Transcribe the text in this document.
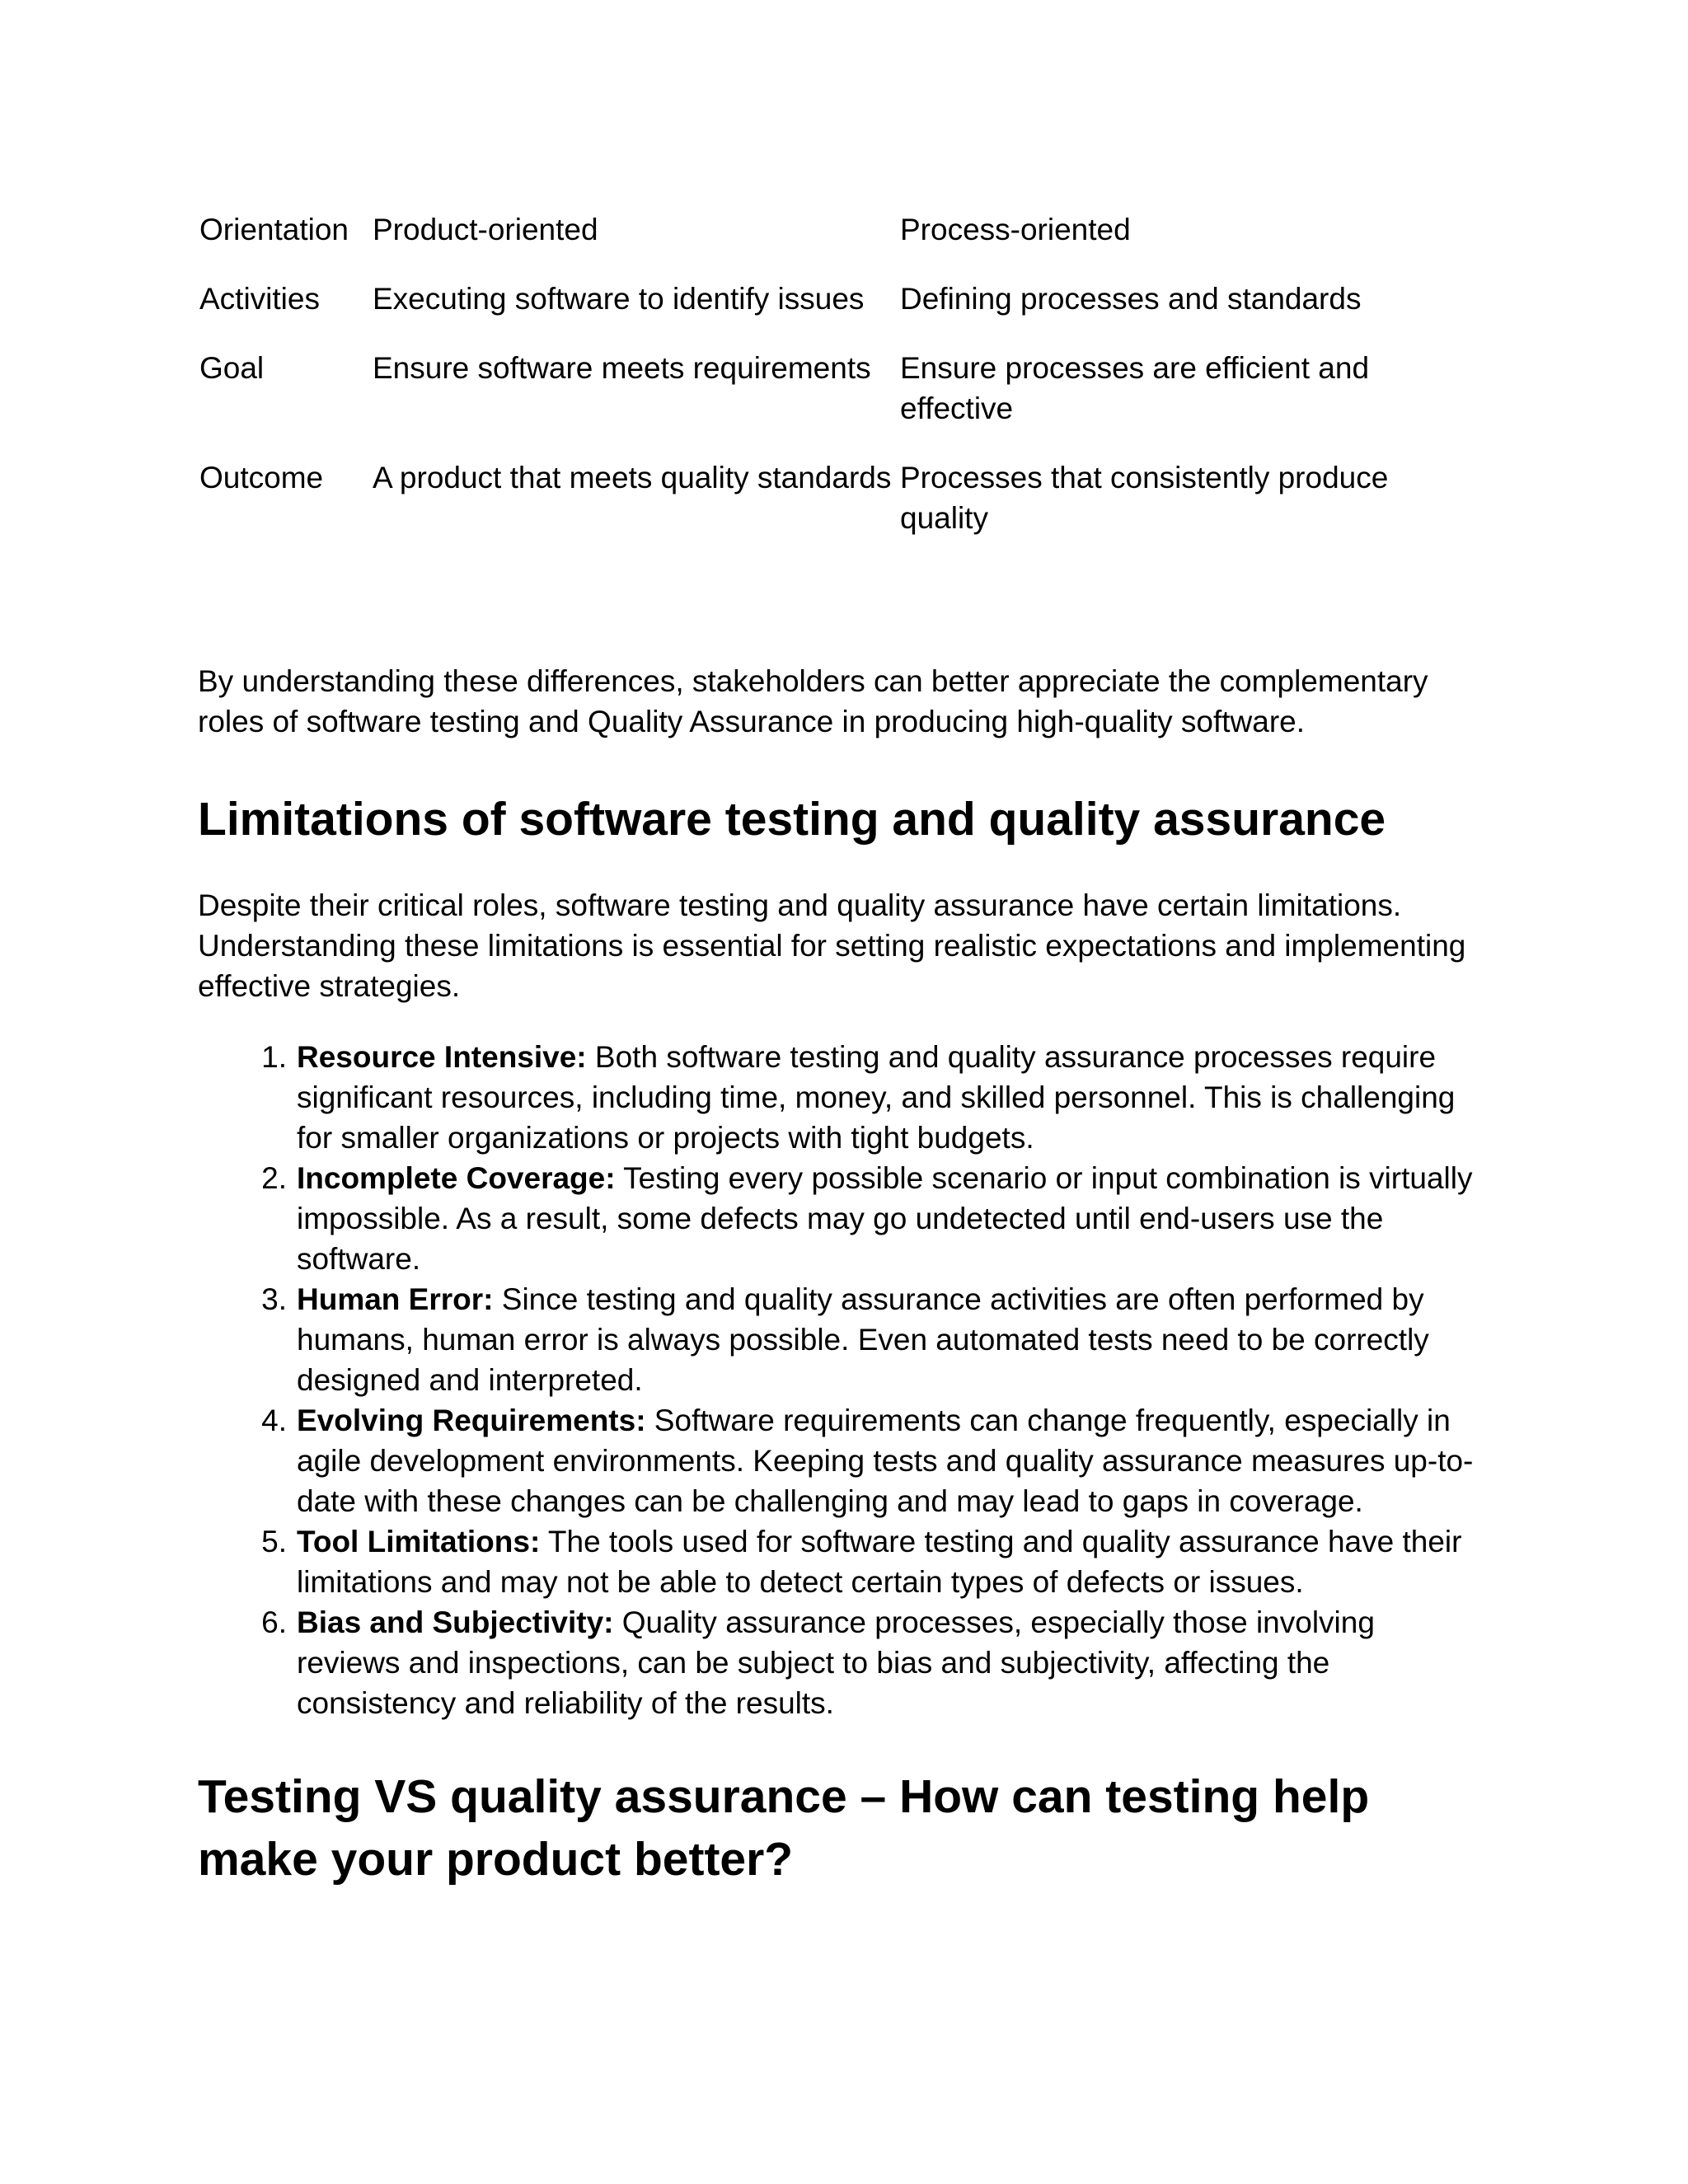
Orientation	Product-oriented	Process-oriented

Activities	Executing software to identify issues	Defining processes and standards

Goal	Ensure software meets requirements	Ensure processes are efficient and effective

Outcome	A product that meets quality standards	Processes that consistently produce quality

By understanding these differences, stakeholders can better appreciate the complementary roles of software testing and Quality Assurance in producing high-quality software.

Limitations of software testing and quality assurance

Despite their critical roles, software testing and quality assurance have certain limitations. Understanding these limitations is essential for setting realistic expectations and implementing effective strategies.

1. Resource Intensive: Both software testing and quality assurance processes require significant resources, including time, money, and skilled personnel. This is challenging for smaller organizations or projects with tight budgets.
2. Incomplete Coverage: Testing every possible scenario or input combination is virtually impossible. As a result, some defects may go undetected until end-users use the software.
3. Human Error: Since testing and quality assurance activities are often performed by humans, human error is always possible. Even automated tests need to be correctly designed and interpreted.
4. Evolving Requirements: Software requirements can change frequently, especially in agile development environments. Keeping tests and quality assurance measures up-to-date with these changes can be challenging and may lead to gaps in coverage.
5. Tool Limitations: The tools used for software testing and quality assurance have their limitations and may not be able to detect certain types of defects or issues.
6. Bias and Subjectivity: Quality assurance processes, especially those involving reviews and inspections, can be subject to bias and subjectivity, affecting the consistency and reliability of the results.
Testing VS quality assurance – How can testing help make your product better?
